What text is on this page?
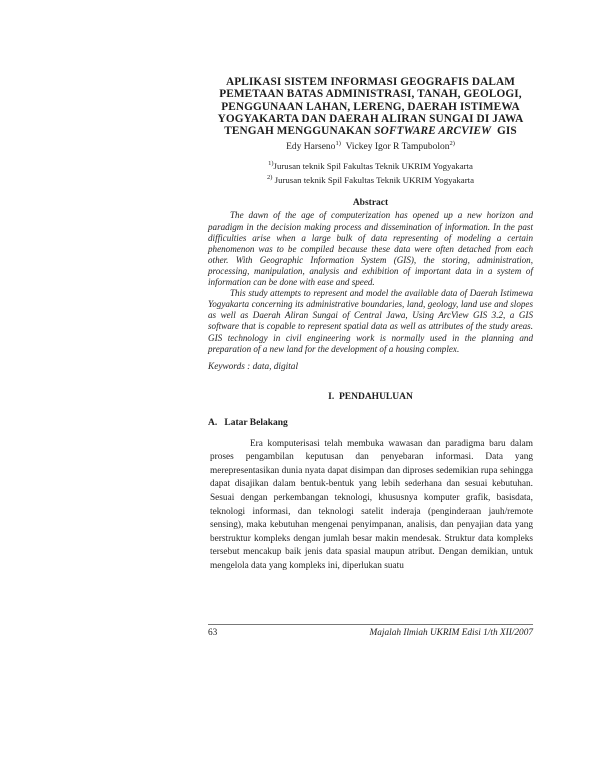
APLIKASI SISTEM INFORMASI GEOGRAFIS DALAM
PEMETAAN BATAS ADMINISTRASI, TANAH, GEOLOGI,
PENGGUNAAN LAHAN, LERENG, DAERAH ISTIMEWA
YOGYAKARTA DAN DAERAH ALIRAN SUNGAI DI JAWA
TENGAH MENGGUNAKAN SOFTWARE ARCVIEW  GIS
Edy Harseno$^{1)}$ Vickey Igor R Tampubolon$^{2)}$
$^{1)}$Jurusan teknik Spil Fakultas Teknik UKRIM Yogyakarta
$^{2)}$ Jurusan teknik Spil Fakultas Teknik UKRIM Yogyakarta
Abstract

The dawn of the age of computerization has opened up a new horizon and paradigm in the decision making process and dissemination of information. In the past difficulties arise when a large bulk of data representing of modeling a certain phenomenon was to be compiled because these data were often detached from each other. With Geographic Information System (GIS), the storing, administration, processing, manipulation, analysis and exhibition of important data in a system of information can be done with ease and speed.

This study attempts to represent and model the available data of Daerah Istimewa Yogyakarta concerning its administrative boundaries, land, geology, land use and slopes as well as Daerah Aliran Sungai of Central Jawa, Using ArcView GIS 3.2, a GIS software that is copable to represent spatial data as well as attributes of the study areas. GIS technology in civil engineering work is normally used in the planning and preparation of a new land for the development of a housing complex.

Keywords : data, digital
I.  PENDAHULUAN
A.   Latar Belakang

Era komputerisasi telah membuka wawasan dan paradigma baru dalam proses pengambilan keputusan dan penyebaran informasi. Data yang merepresentasikan dunia nyata dapat disimpan dan diproses sedemikian rupa sehingga dapat disajikan dalam bentuk-bentuk yang lebih sederhana dan sesuai kebutuhan. Sesuai dengan perkembangan teknologi, khususnya komputer grafik, basisdata, teknologi informasi, dan teknologi satelit inderaja (penginderaan jauh/remote sensing), maka kebutuhan mengenai penyimpanan, analisis, dan penyajian data yang berstruktur kompleks dengan jumlah besar makin mendesak. Struktur data kompleks tersebut mencakup baik jenis data spasial maupun atribut. Dengan demikian, untuk mengelola data yang kompleks ini, diperlukan suatu

63	Majalah Ilmiah UKRIM Edisi 1/th XII/2007
